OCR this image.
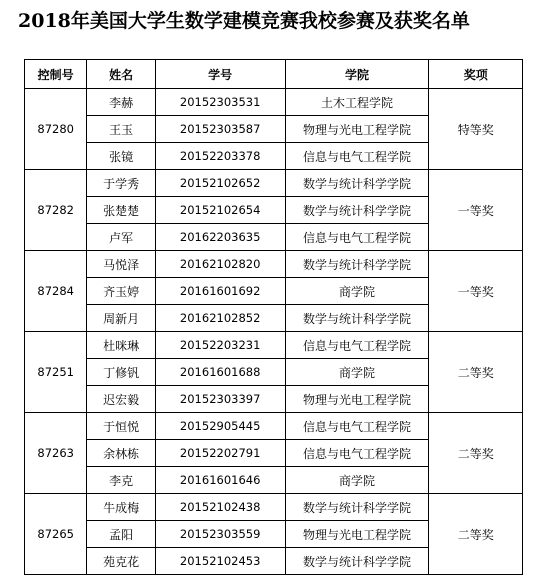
2018年美国大学生数学建模竞赛我校参赛及获奖名单
控制号	姓名	学号	学院	奖项
87280	李赫	20152303531	土木工程学院	特等奖
	王玉	20152303587	物理与光电工程学院	
	张镜	20152203378	信息与电气工程学院	
87282	于学秀	20152102652	数学与统计科学学院	一等奖
	张楚楚	20152102654	数学与统计科学学院	
	卢军	20162203635	信息与电气工程学院	
87284	马悦泽	20162102820	数学与统计科学学院	一等奖
	齐玉婷	20161601692	商学院	
	周新月	20162102852	数学与统计科学学院	
87251	杜咪琳	20152203231	信息与电气工程学院	二等奖
	丁修钒	20161601688	商学院	
	迟宏毅	20152303397	物理与光电工程学院	
87263	于恒悦	20152905445	信息与电气工程学院	二等奖
	余林栋	20152202791	信息与电气工程学院	
	李克	20161601646	商学院	
87265	牛成梅	20152102438	数学与统计科学学院	二等奖
	孟阳	20152303559	物理与光电工程学院	
	苑克花	20152102453	数学与统计科学学院	
